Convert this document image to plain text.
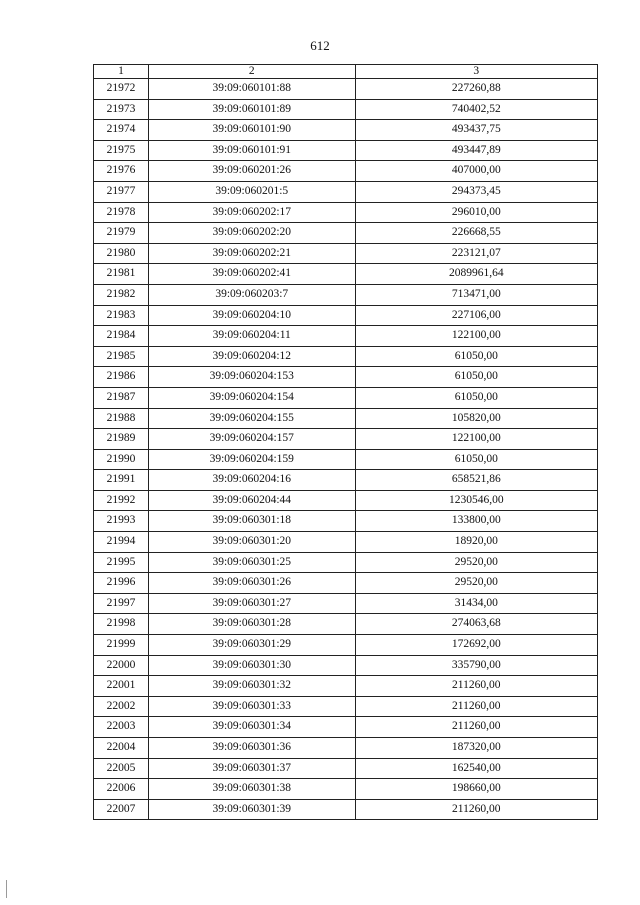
612
1	2	3
21972	39:09:060101:88	227260,88
21973	39:09:060101:89	740402,52
21974	39:09:060101:90	493437,75
21975	39:09:060101:91	493447,89
21976	39:09:060201:26	407000,00
21977	39:09:060201:5	294373,45
21978	39:09:060202:17	296010,00
21979	39:09:060202:20	226668,55
21980	39:09:060202:21	223121,07
21981	39:09:060202:41	2089961,64
21982	39:09:060203:7	713471,00
21983	39:09:060204:10	227106,00
21984	39:09:060204:11	122100,00
21985	39:09:060204:12	61050,00
21986	39:09:060204:153	61050,00
21987	39:09:060204:154	61050,00
21988	39:09:060204:155	105820,00
21989	39:09:060204:157	122100,00
21990	39:09:060204:159	61050,00
21991	39:09:060204:16	658521,86
21992	39:09:060204:44	1230546,00
21993	39:09:060301:18	133800,00
21994	39:09:060301:20	18920,00
21995	39:09:060301:25	29520,00
21996	39:09:060301:26	29520,00
21997	39:09:060301:27	31434,00
21998	39:09:060301:28	274063,68
21999	39:09:060301:29	172692,00
22000	39:09:060301:30	335790,00
22001	39:09:060301:32	211260,00
22002	39:09:060301:33	211260,00
22003	39:09:060301:34	211260,00
22004	39:09:060301:36	187320,00
22005	39:09:060301:37	162540,00
22006	39:09:060301:38	198660,00
22007	39:09:060301:39	211260,00
